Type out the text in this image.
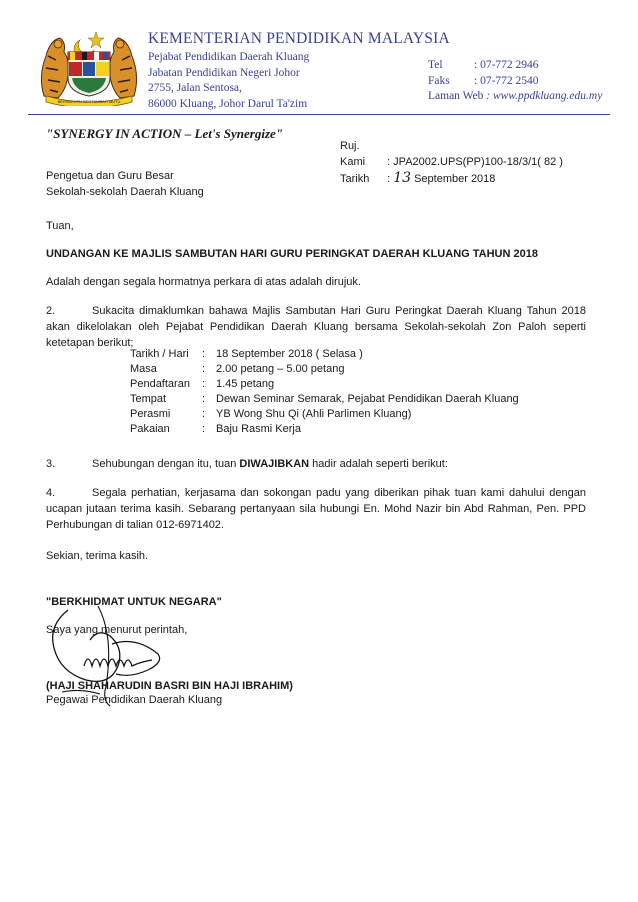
BERSEKUTU BERTAMBAH MUTU
KEMENTERIAN PENDIDIKAN MALAYSIA
Pejabat Pendidikan Daerah Kluang
Jabatan Pendidikan Negeri Johor
2755, Jalan Sentosa,
86000 Kluang, Johor Darul Ta'zim
Tel	: 07-772 2946
Faks : 07-772 2540
Laman Web : www.ppdkluang.edu.my
"SYNERGY IN ACTION – Let's Synergize"
Ruj. Kami : JPA2002.UPS(PP)100-18/3/1( 82 )
Tarikh : 13 September 2018
Pengetua dan Guru Besar
Sekolah-sekolah Daerah Kluang
Tuan,
UNDANGAN KE MAJLIS SAMBUTAN HARI GURU PERINGKAT DAERAH KLUANG TAHUN 2018
Adalah dengan segala hormatnya perkara di atas adalah dirujuk.
2.	Sukacita dimaklumkan bahawa Majlis Sambutan Hari Guru Peringkat Daerah Kluang Tahun 2018 akan dikelolakan oleh Pejabat Pendidikan Daerah Kluang bersama Sekolah-sekolah Zon Paloh seperti ketetapan berikut;
Tarikh / Hari : 18 September 2018 ( Selasa )
Masa	: 2.00 petang – 5.00 petang
Pendaftaran : 1.45 petang
Tempat	: Dewan Seminar Semarak, Pejabat Pendidikan Daerah Kluang
Perasmi	: YB Wong Shu Qi (Ahli Parlimen Kluang)
Pakaian	: Baju Rasmi Kerja
3.	Sehubungan dengan itu, tuan DIWAJIBKAN hadir adalah seperti berikut:
4.	Segala perhatian, kerjasama dan sokongan padu yang diberikan pihak tuan kami dahului dengan ucapan jutaan terima kasih. Sebarang pertanyaan sila hubungi En. Mohd Nazir bin Abd Rahman, Pen. PPD Perhubungan di talian 012-6971402.
Sekian, terima kasih.
"BERKHIDMAT UNTUK NEGARA"
Saya yang menurut perintah,
(HAJI SHAHARUDIN BASRI BIN HAJI IBRAHIM)
Pegawai Pendidikan Daerah Kluang
